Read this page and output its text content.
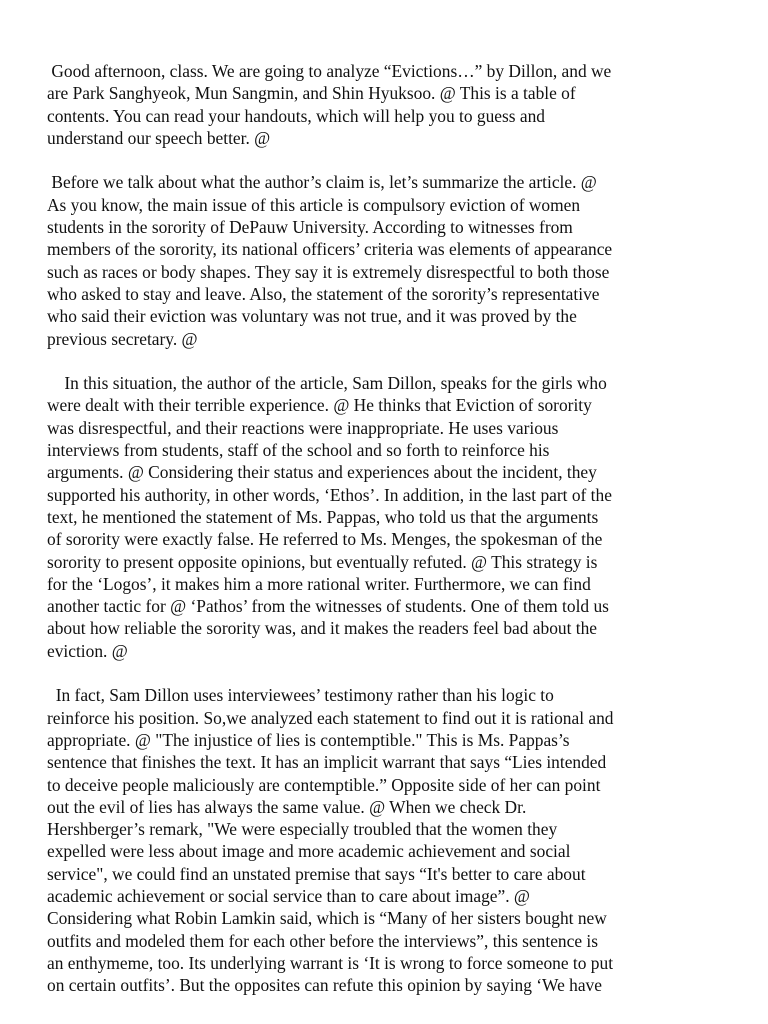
Good afternoon, class. We are going to analyze “Evictions…” by Dillon, and we
are Park Sanghyeok, Mun Sangmin, and Shin Hyuksoo. @ This is a table of
contents. You can read your handouts, which will help you to guess and
understand our speech better. @

Before we talk about what the author’s claim is, let’s summarize the article. @
As you know, the main issue of this article is compulsory eviction of women
students in the sorority of DePauw University. According to witnesses from
members of the sorority, its national officers’ criteria was elements of appearance
such as races or body shapes. They say it is extremely disrespectful to both those
who asked to stay and leave. Also, the statement of the sorority’s representative
who said their eviction was voluntary was not true, and it was proved by the
previous secretary. @

In this situation, the author of the article, Sam Dillon, speaks for the girls who
were dealt with their terrible experience. @ He thinks that Eviction of sorority
was disrespectful, and their reactions were inappropriate. He uses various
interviews from students, staff of the school and so forth to reinforce his
arguments. @ Considering their status and experiences about the incident, they
supported his authority, in other words, ‘Ethos’. In addition, in the last part of the
text, he mentioned the statement of Ms. Pappas, who told us that the arguments
of sorority were exactly false. He referred to Ms. Menges, the spokesman of the
sorority to present opposite opinions, but eventually refuted. @ This strategy is
for the ‘Logos’, it makes him a more rational writer. Furthermore, we can find
another tactic for @ ‘Pathos’ from the witnesses of students. One of them told us
about how reliable the sorority was, and it makes the readers feel bad about the
eviction. @

In fact, Sam Dillon uses interviewees’ testimony rather than his logic to
reinforce his position. So,we analyzed each statement to find out it is rational and
appropriate. @ "The injustice of lies is contemptible." This is Ms. Pappas’s
sentence that finishes the text. It has an implicit warrant that says “Lies intended
to deceive people maliciously are contemptible.” Opposite side of her can point
out the evil of lies has always the same value. @ When we check Dr.
Hershberger’s remark, "We were especially troubled that the women they
expelled were less about image and more academic achievement and social
service", we could find an unstated premise that says “It's better to care about
academic achievement or social service than to care about image”. @
Considering what Robin Lamkin said, which is “Many of her sisters bought new
outfits and modeled them for each other before the interviews”, this sentence is
an enthymeme, too. Its underlying warrant is ‘It is wrong to force someone to put
on certain outfits’. But the opposites can refute this opinion by saying ‘We have
